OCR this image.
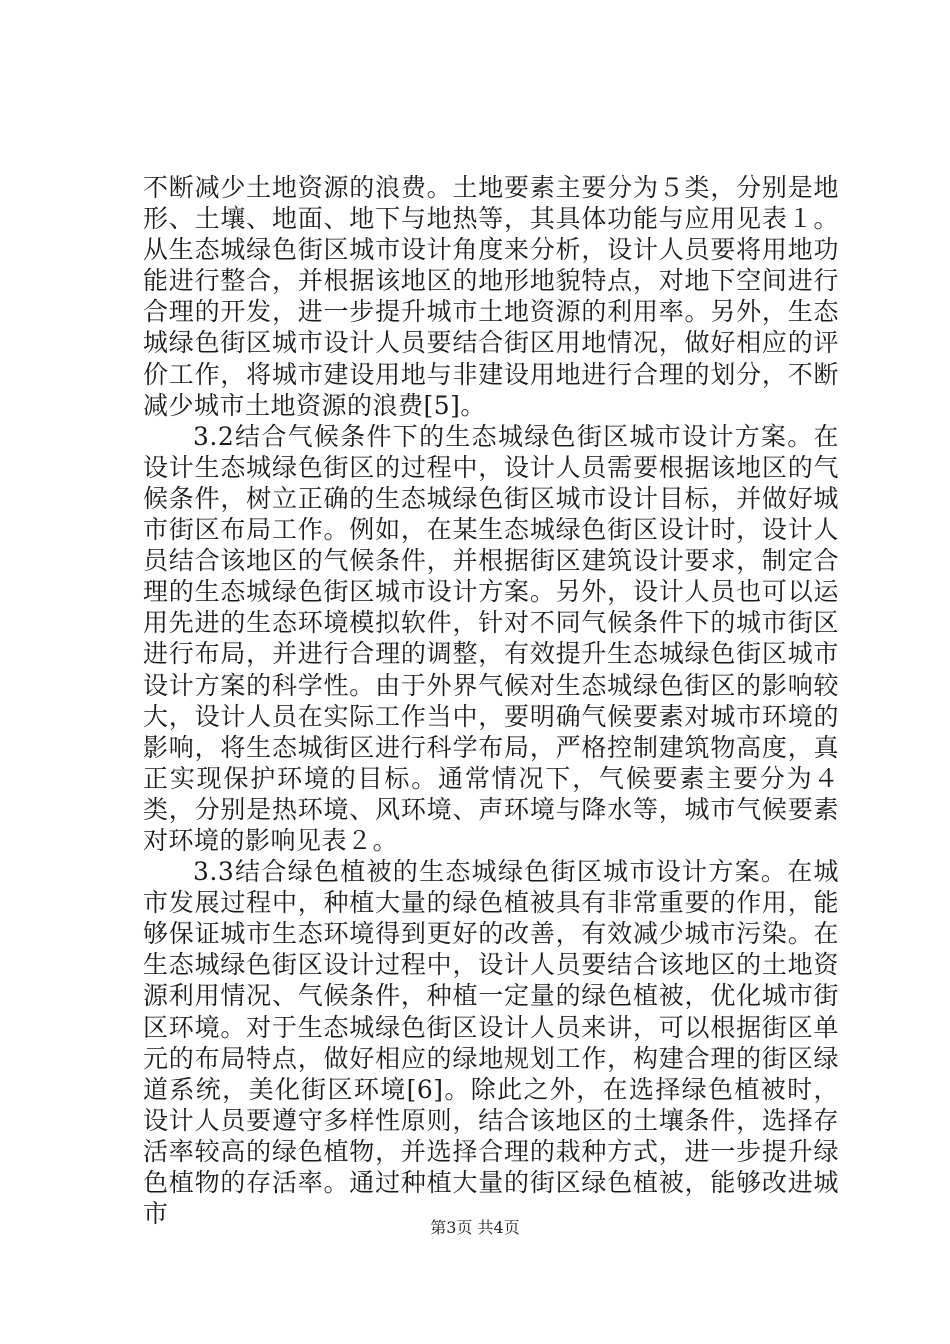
不断减少土地资源的浪费。土地要素主要分为５类，分别是地形、土壤、地面、地下与地热等，其具体功能与应用见表１。从生态城绿色街区城市设计角度来分析，设计人员要将用地功能进行整合，并根据该地区的地形地貌特点，对地下空间进行合理的开发，进一步提升城市土地资源的利用率。另外，生态城绿色街区城市设计人员要结合街区用地情况，做好相应的评价工作，将城市建设用地与非建设用地进行合理的划分，不断减少城市土地资源的浪费[5]。

3.2结合气候条件下的生态城绿色街区城市设计方案。在设计生态城绿色街区的过程中，设计人员需要根据该地区的气候条件，树立正确的生态城绿色街区城市设计目标，并做好城市街区布局工作。例如，在某生态城绿色街区设计时，设计人员结合该地区的气候条件，并根据街区建筑设计要求，制定合理的生态城绿色街区城市设计方案。另外，设计人员也可以运用先进的生态环境模拟软件，针对不同气候条件下的城市街区进行布局，并进行合理的调整，有效提升生态城绿色街区城市设计方案的科学性。由于外界气候对生态城绿色街区的影响较大，设计人员在实际工作当中，要明确气候要素对城市环境的影响，将生态城街区进行科学布局，严格控制建筑物高度，真正实现保护环境的目标。通常情况下，气候要素主要分为４类，分别是热环境、风环境、声环境与降水等，城市气候要素对环境的影响见表２。

3.3结合绿色植被的生态城绿色街区城市设计方案。在城市发展过程中，种植大量的绿色植被具有非常重要的作用，能够保证城市生态环境得到更好的改善，有效减少城市污染。在生态城绿色街区设计过程中，设计人员要结合该地区的土地资源利用情况、气候条件，种植一定量的绿色植被，优化城市街区环境。对于生态城绿色街区设计人员来讲，可以根据街区单元的布局特点，做好相应的绿地规划工作，构建合理的街区绿道系统，美化街区环境[6]。除此之外，在选择绿色植被时，设计人员要遵守多样性原则，结合该地区的土壤条件，选择存活率较高的绿色植物，并选择合理的栽种方式，进一步提升绿色植物的存活率。通过种植大量的街区绿色植被，能够改进城市	第3页 共4页
